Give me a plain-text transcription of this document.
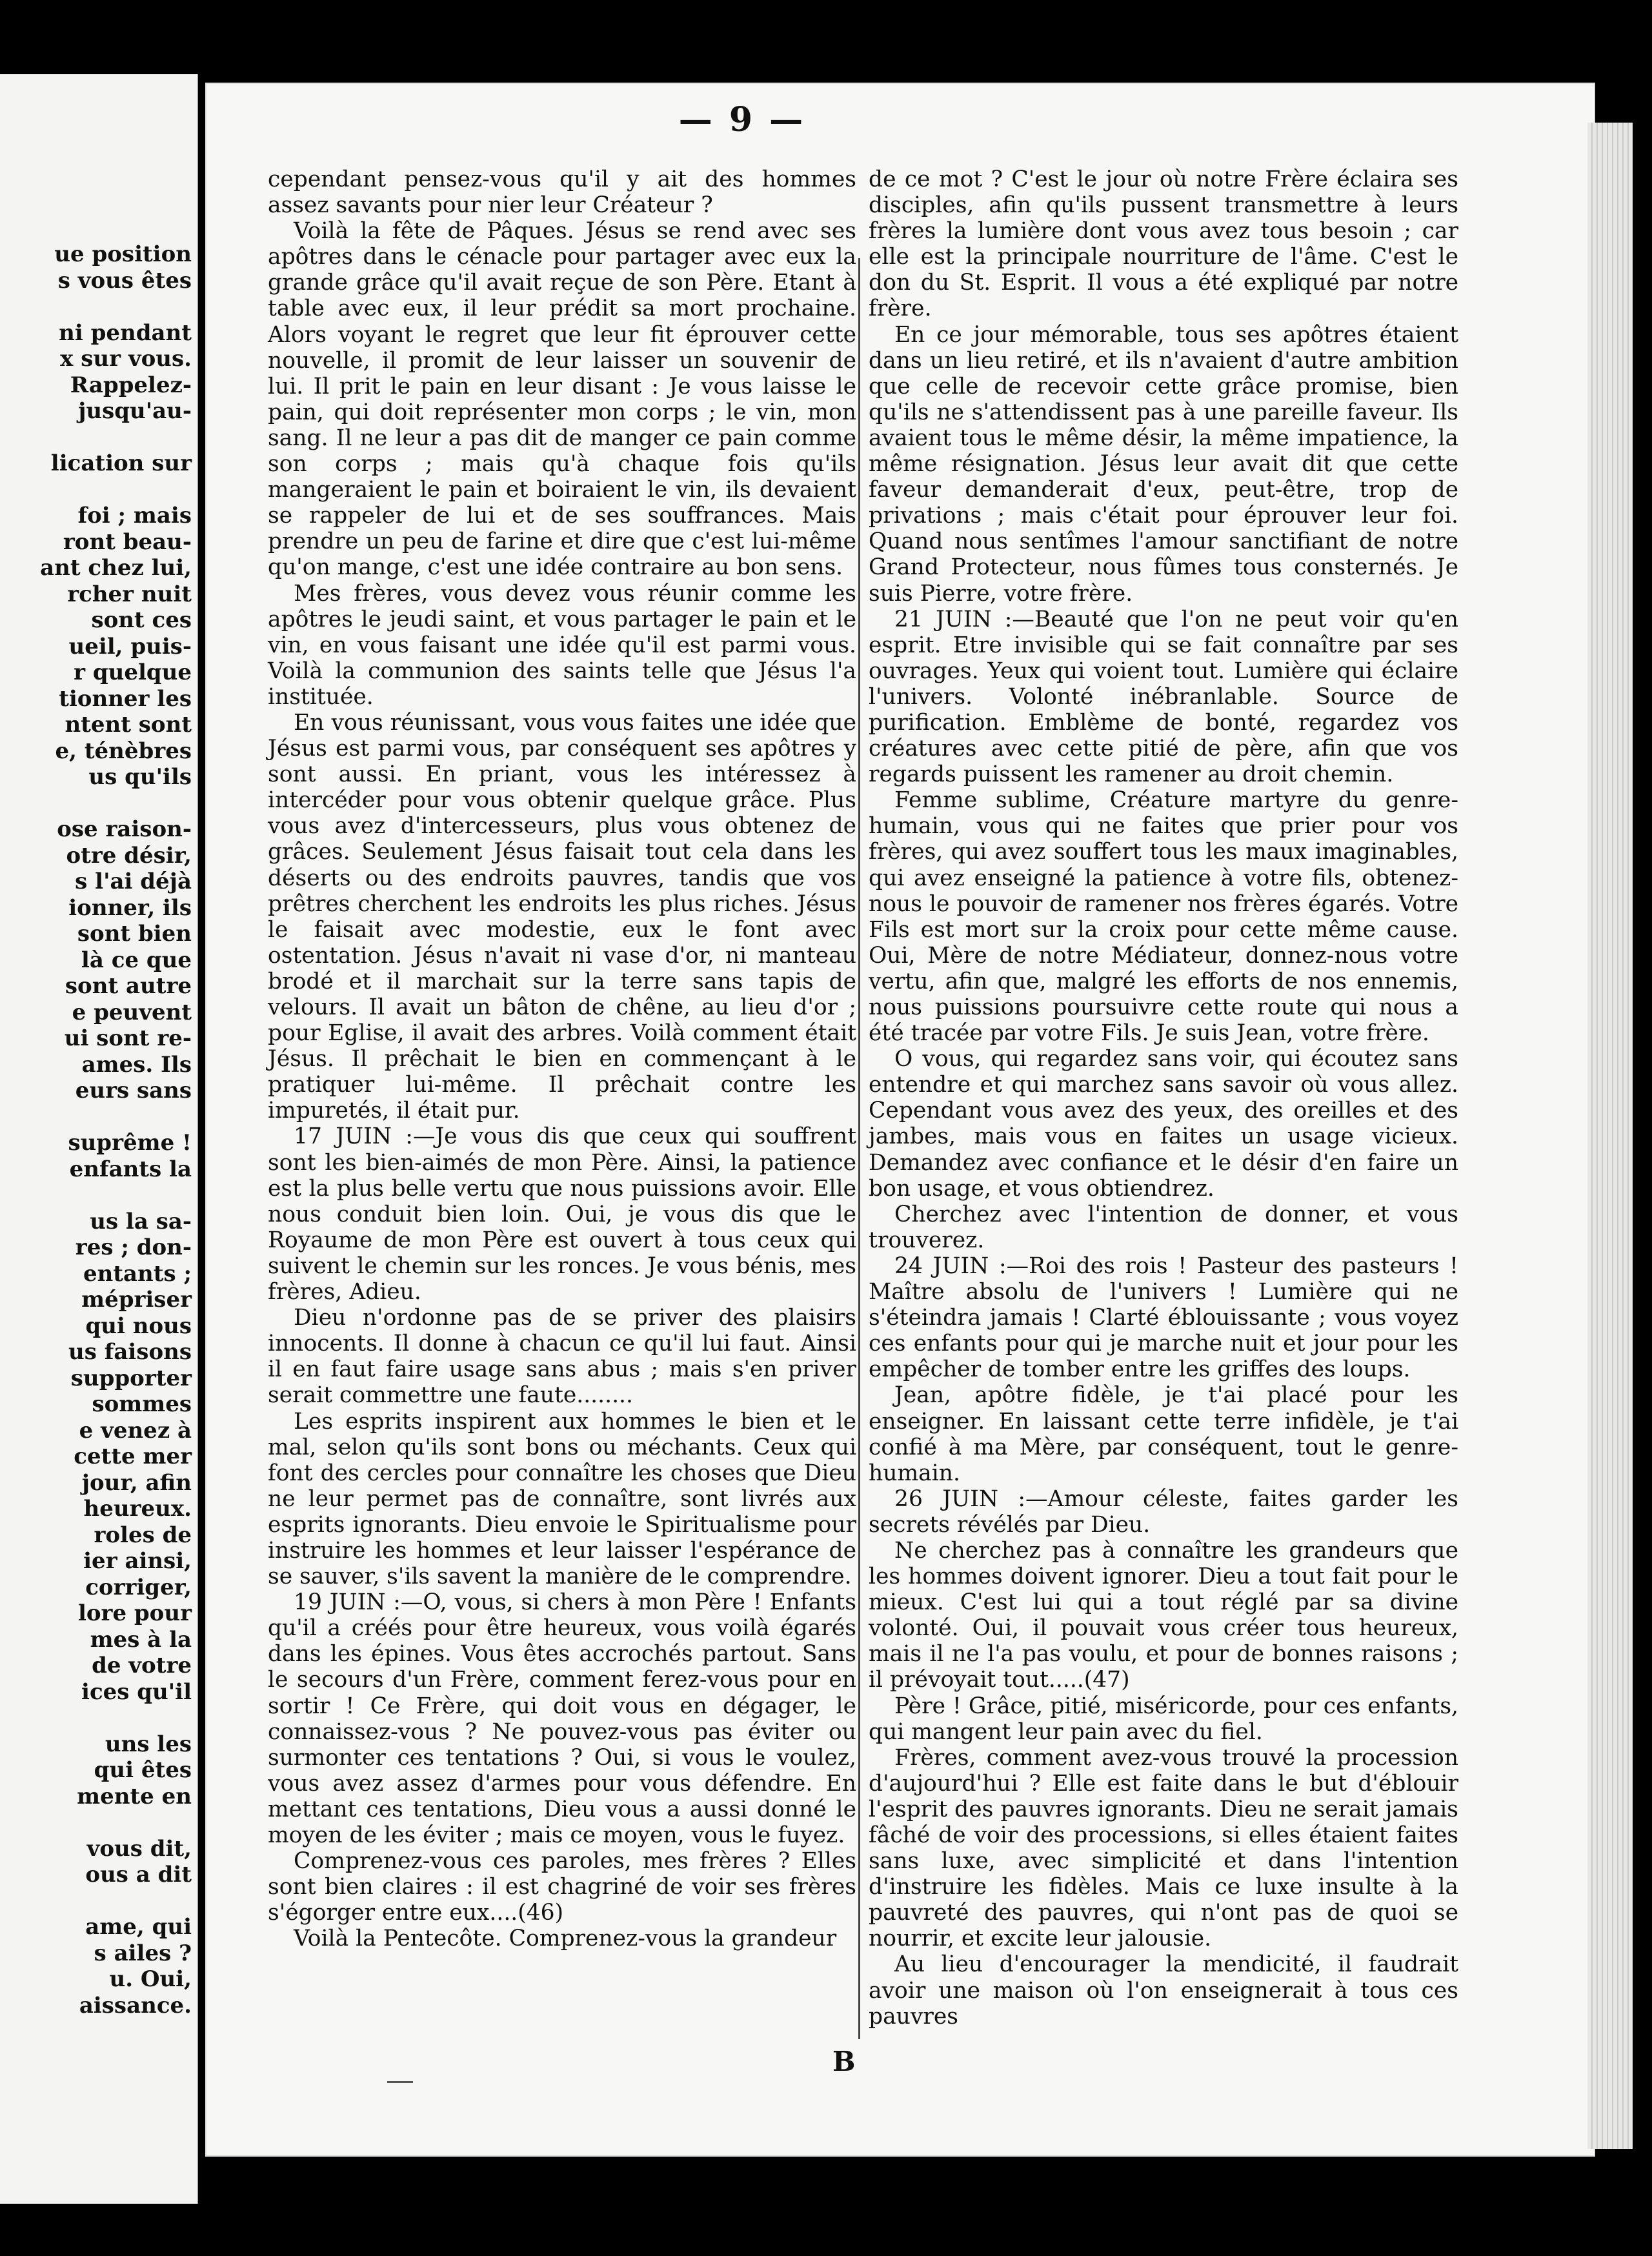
ue position
s vous êtes
ni pendant
x sur vous.
Rappelez-
jusqu'au-
lication sur
foi ; mais
ront beau-
ant chez lui,
rcher nuit
sont ces
ueil, puis-
r quelque
tionner les
ntent sont
e, ténèbres
us qu'ils
ose raison-
otre désir,
s l'ai déjà
ionner, ils
sont bien
là ce que
sont autre
e peuvent
ui sont re-
ames. Ils
eurs sans
suprême !
enfants la
us la sa-
res ; don-
entants ;
mépriser
qui nous
us faisons
supporter
sommes
e venez à
cette mer
jour, afin
heureux.
roles de
ier ainsi,
corriger,
lore pour
mes à la
de votre
ices qu'il
uns les
qui êtes
mente en
vous dit,
ous a dit
ame, qui
s ailes ?
u. Oui,
aissance.
— 9 —

cependant pensez-vous qu'il y ait des hommes assez savants pour nier leur Créateur ?

Voilà la fête de Pâques. Jésus se rend avec ses apôtres dans le cénacle pour partager avec eux la grande grâce qu'il avait reçue de son Père. Etant à table avec eux, il leur prédit sa mort prochaine. Alors voyant le regret que leur fit éprouver cette nouvelle, il promit de leur laisser un souvenir de lui. Il prit le pain en leur disant : Je vous laisse le pain, qui doit représenter mon corps ; le vin, mon sang. Il ne leur a pas dit de manger ce pain comme son corps ; mais qu'à chaque fois qu'ils mangeraient le pain et boiraient le vin, ils devaient se rappeler de lui et de ses souffrances. Mais prendre un peu de farine et dire que c'est lui-même qu'on mange, c'est une idée contraire au bon sens.

Mes frères, vous devez vous réunir comme les apôtres le jeudi saint, et vous partager le pain et le vin, en vous faisant une idée qu'il est parmi vous. Voilà la communion des saints telle que Jésus l'a instituée.

En vous réunissant, vous vous faites une idée que Jésus est parmi vous, par conséquent ses apôtres y sont aussi. En priant, vous les intéressez à intercéder pour vous obtenir quelque grâce. Plus vous avez d'intercesseurs, plus vous obtenez de grâces. Seulement Jésus faisait tout cela dans les déserts ou des endroits pauvres, tandis que vos prêtres cherchent les endroits les plus riches. Jésus le faisait avec modestie, eux le font avec ostentation. Jésus n'avait ni vase d'or, ni manteau brodé et il marchait sur la terre sans tapis de velours. Il avait un bâton de chêne, au lieu d'or ; pour Eglise, il avait des arbres. Voilà comment était Jésus. Il prêchait le bien en commençant à le pratiquer lui-même. Il prêchait contre les impuretés, il était pur.

17 JUIN :—Je vous dis que ceux qui souffrent sont les bien-aimés de mon Père. Ainsi, la patience est la plus belle vertu que nous puissions avoir. Elle nous conduit bien loin. Oui, je vous dis que le Royaume de mon Père est ouvert à tous ceux qui suivent le chemin sur les ronces. Je vous bénis, mes frères, Adieu.

Dieu n'ordonne pas de se priver des plaisirs innocents. Il donne à chacun ce qu'il lui faut. Ainsi il en faut faire usage sans abus ; mais s'en priver serait commettre une faute........

Les esprits inspirent aux hommes le bien et le mal, selon qu'ils sont bons ou méchants. Ceux qui font des cercles pour connaître les choses que Dieu ne leur permet pas de connaître, sont livrés aux esprits ignorants. Dieu envoie le Spiritualisme pour instruire les hommes et leur laisser l'espérance de se sauver, s'ils savent la manière de le comprendre.

19 JUIN :—O, vous, si chers à mon Père ! Enfants qu'il a créés pour être heureux, vous voilà égarés dans les épines. Vous êtes accrochés partout. Sans le secours d'un Frère, comment ferez-vous pour en sortir ! Ce Frère, qui doit vous en dégager, le connaissez-vous ? Ne pouvez-vous pas éviter ou surmonter ces tentations ? Oui, si vous le voulez, vous avez assez d'armes pour vous défendre. En mettant ces tentations, Dieu vous a aussi donné le moyen de les éviter ; mais ce moyen, vous le fuyez.

Comprenez-vous ces paroles, mes frères ? Elles sont bien claires : il est chagriné de voir ses frères s'égorger entre eux....(46)

Voilà la Pentecôte. Comprenez-vous la grandeur

de ce mot ? C'est le jour où notre Frère éclaira ses disciples, afin qu'ils pussent transmettre à leurs frères la lumière dont vous avez tous besoin ; car elle est la principale nourriture de l'âme. C'est le don du St. Esprit. Il vous a été expliqué par notre frère.

En ce jour mémorable, tous ses apôtres étaient dans un lieu retiré, et ils n'avaient d'autre ambition que celle de recevoir cette grâce promise, bien qu'ils ne s'attendissent pas à une pareille faveur. Ils avaient tous le même désir, la même impatience, la même résignation. Jésus leur avait dit que cette faveur demanderait d'eux, peut-être, trop de privations ; mais c'était pour éprouver leur foi. Quand nous sentîmes l'amour sanctifiant de notre Grand Protecteur, nous fûmes tous consternés. Je suis Pierre, votre frère.

21 JUIN :—Beauté que l'on ne peut voir qu'en esprit. Etre invisible qui se fait connaître par ses ouvrages. Yeux qui voient tout. Lumière qui éclaire l'univers. Volonté inébranlable. Source de purification. Emblème de bonté, regardez vos créatures avec cette pitié de père, afin que vos regards puissent les ramener au droit chemin.

Femme sublime, Créature martyre du genre-humain, vous qui ne faites que prier pour vos frères, qui avez souffert tous les maux imaginables, qui avez enseigné la patience à votre fils, obtenez-nous le pouvoir de ramener nos frères égarés. Votre Fils est mort sur la croix pour cette même cause. Oui, Mère de notre Médiateur, donnez-nous votre vertu, afin que, malgré les efforts de nos ennemis, nous puissions poursuivre cette route qui nous a été tracée par votre Fils. Je suis Jean, votre frère.

O vous, qui regardez sans voir, qui écoutez sans entendre et qui marchez sans savoir où vous allez. Cependant vous avez des yeux, des oreilles et des jambes, mais vous en faites un usage vicieux. Demandez avec confiance et le désir d'en faire un bon usage, et vous obtiendrez.

Cherchez avec l'intention de donner, et vous trouverez.

24 JUIN :—Roi des rois ! Pasteur des pasteurs ! Maître absolu de l'univers ! Lumière qui ne s'éteindra jamais ! Clarté éblouissante ; vous voyez ces enfants pour qui je marche nuit et jour pour les empêcher de tomber entre les griffes des loups.

Jean, apôtre fidèle, je t'ai placé pour les enseigner. En laissant cette terre infidèle, je t'ai confié à ma Mère, par conséquent, tout le genre-humain.

26 JUIN :—Amour céleste, faites garder les secrets révélés par Dieu.

Ne cherchez pas à connaître les grandeurs que les hommes doivent ignorer. Dieu a tout fait pour le mieux. C'est lui qui a tout réglé par sa divine volonté. Oui, il pouvait vous créer tous heureux, mais il ne l'a pas voulu, et pour de bonnes raisons ; il prévoyait tout.....(47)

Père ! Grâce, pitié, miséricorde, pour ces enfants, qui mangent leur pain avec du fiel.

Frères, comment avez-vous trouvé la procession d'aujourd'hui ? Elle est faite dans le but d'éblouir l'esprit des pauvres ignorants. Dieu ne serait jamais fâché de voir des processions, si elles étaient faites sans luxe, avec simplicité et dans l'intention d'instruire les fidèles. Mais ce luxe insulte à la pauvreté des pauvres, qui n'ont pas de quoi se nourrir, et excite leur jalousie.

Au lieu d'encourager la mendicité, il faudrait avoir une maison où l'on enseignerait à tous ces pauvres

B
